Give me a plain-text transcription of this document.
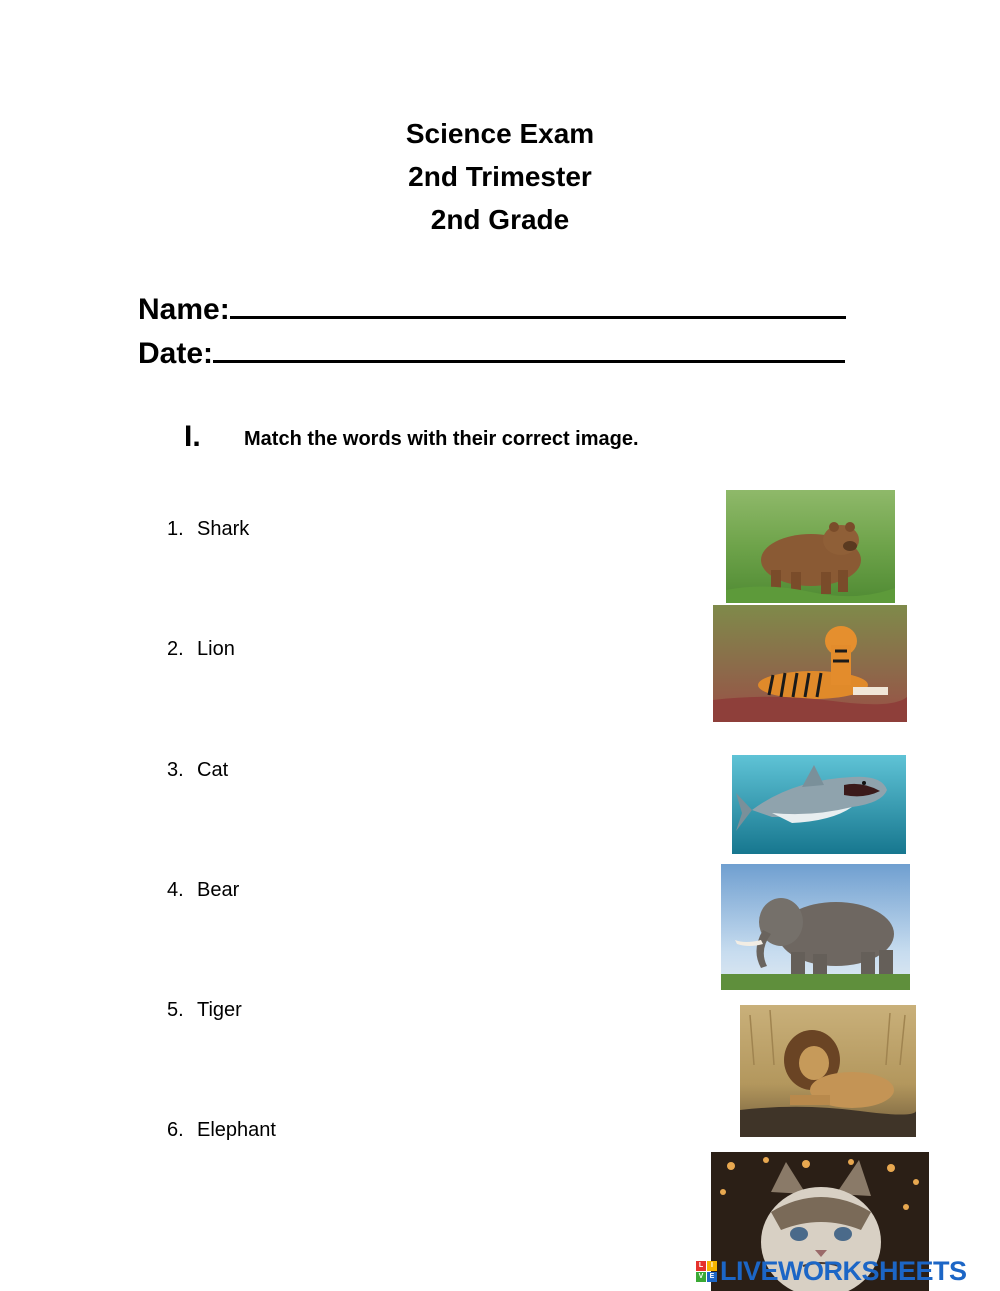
Science Exam
2nd Trimester
2nd Grade
Name:
Date:
I. Match the words with their correct image.
1. Shark
2. Lion
3. Cat
4. Bear
5. Tiger
6. Elephant
L	I
V E LIVEWORKSHEETS
